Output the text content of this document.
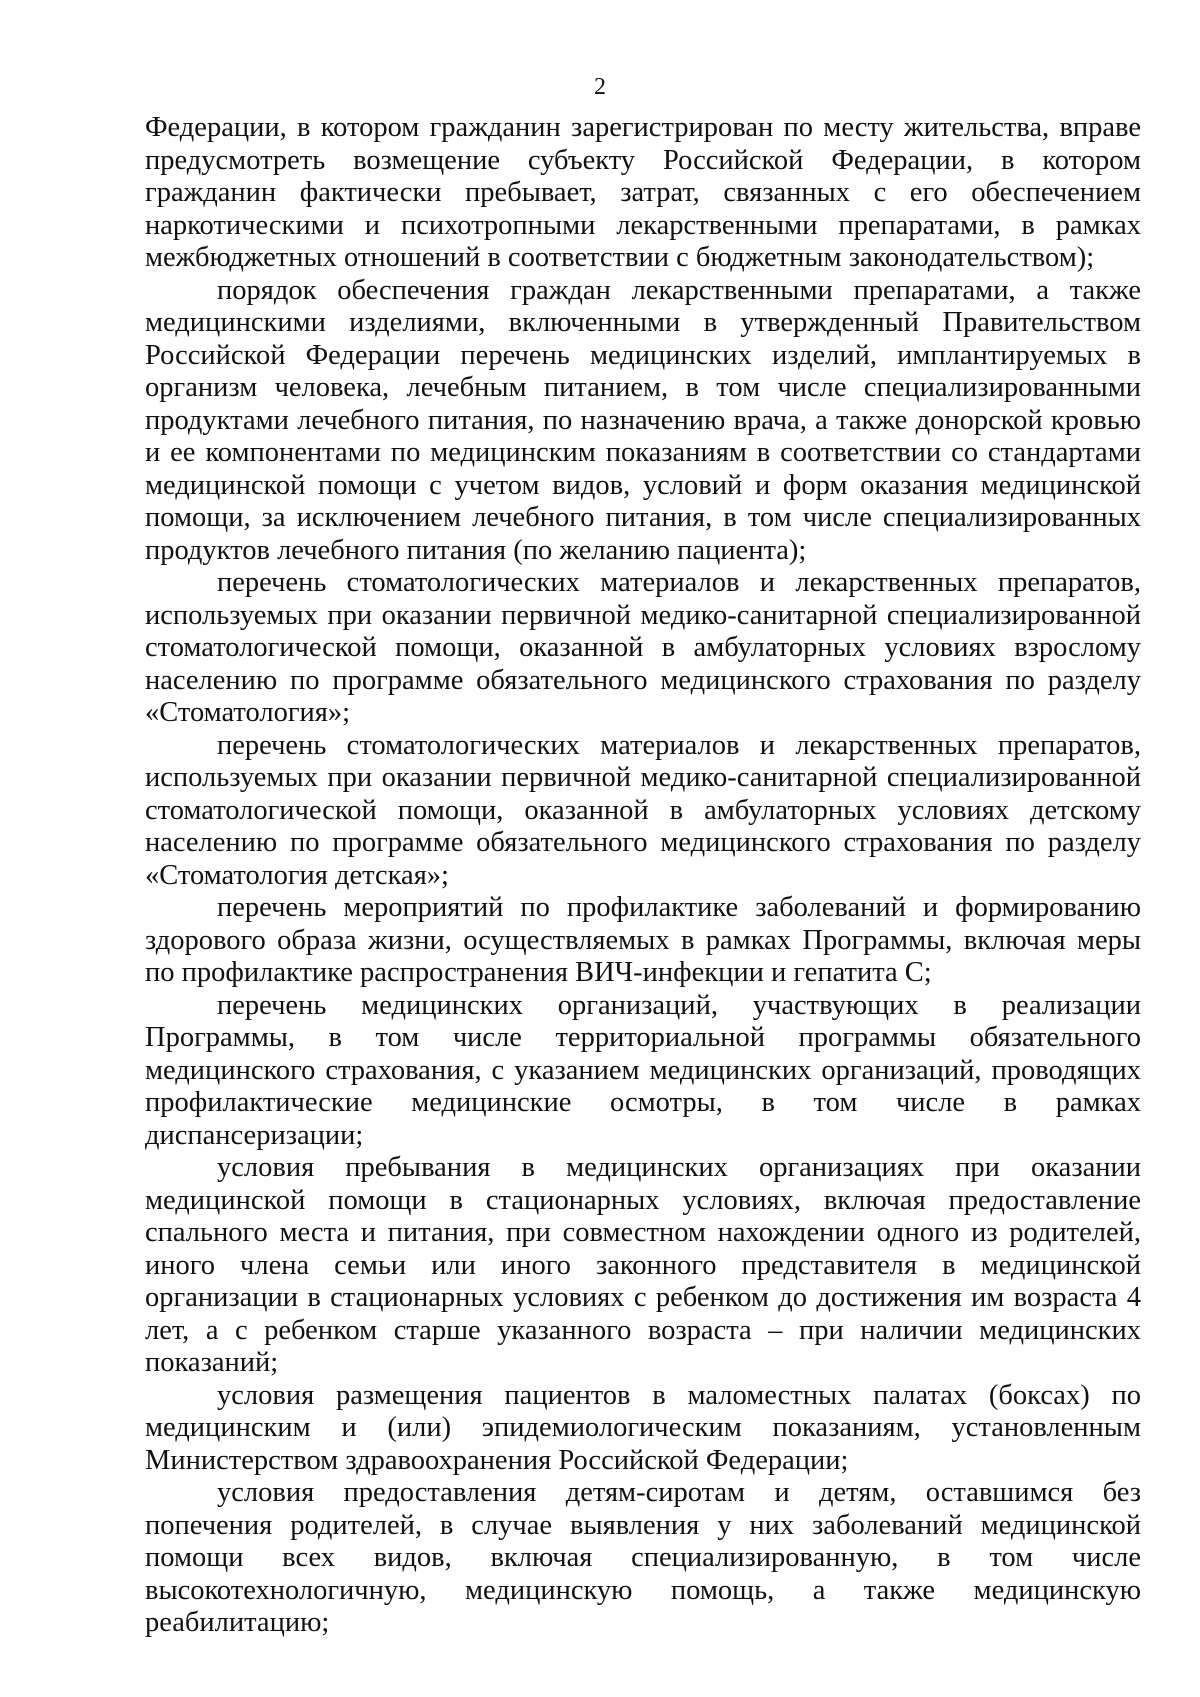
2

Федерации, в котором гражданин зарегистрирован по месту жительства, вправе предусмотреть возмещение субъекту Российской Федерации, в котором гражданин фактически пребывает, затрат, связанных с его обеспечением наркотическими и психотропными лекарственными препаратами, в рамках межбюджетных отношений в соответствии с бюджетным законодательством);

порядок обеспечения граждан лекарственными препаратами, а также медицинскими изделиями, включенными в утвержденный Правительством Российской Федерации перечень медицинских изделий, имплантируемых в организм человека, лечебным питанием, в том числе специализированными продуктами лечебного питания, по назначению врача, а также донорской кровью и ее компонентами по медицинским показаниям в соответствии со стандартами медицинской помощи с учетом видов, условий и форм оказания медицинской помощи, за исключением лечебного питания, в том числе специализированных продуктов лечебного питания (по желанию пациента);

перечень стоматологических материалов и лекарственных препаратов, используемых при оказании первичной медико-санитарной специализированной стоматологической помощи, оказанной в амбулаторных условиях взрослому населению по программе обязательного медицинского страхования по разделу «Стоматология»;

перечень стоматологических материалов и лекарственных препаратов, используемых при оказании первичной медико-санитарной специализированной стоматологической помощи, оказанной в амбулаторных условиях детскому населению по программе обязательного медицинского страхования по разделу «Стоматология детская»;

перечень мероприятий по профилактике заболеваний и формированию здорового образа жизни, осуществляемых в рамках Программы, включая меры по профилактике распространения ВИЧ-инфекции и гепатита С;

перечень медицинских организаций, участвующих в реализации Программы, в том числе территориальной программы обязательного медицинского страхования, с указанием медицинских организаций, проводящих профилактические медицинские осмотры, в том числе в рамках диспансеризации;

условия пребывания в медицинских организациях при оказании медицинской помощи в стационарных условиях, включая предоставление спального места и питания, при совместном нахождении одного из родителей, иного члена семьи или иного законного представителя в медицинской организации в стационарных условиях с ребенком до достижения им возраста 4 лет, а с ребенком старше указанного возраста – при наличии медицинских показаний;

условия размещения пациентов в маломестных палатах (боксах) по медицинским и (или) эпидемиологическим показаниям, установленным Министерством здравоохранения Российской Федерации;

условия предоставления детям-сиротам и детям, оставшимся без попечения родителей, в случае выявления у них заболеваний медицинской помощи всех видов, включая специализированную, в том числе высокотехнологичную, медицинскую помощь, а также медицинскую реабилитацию;
